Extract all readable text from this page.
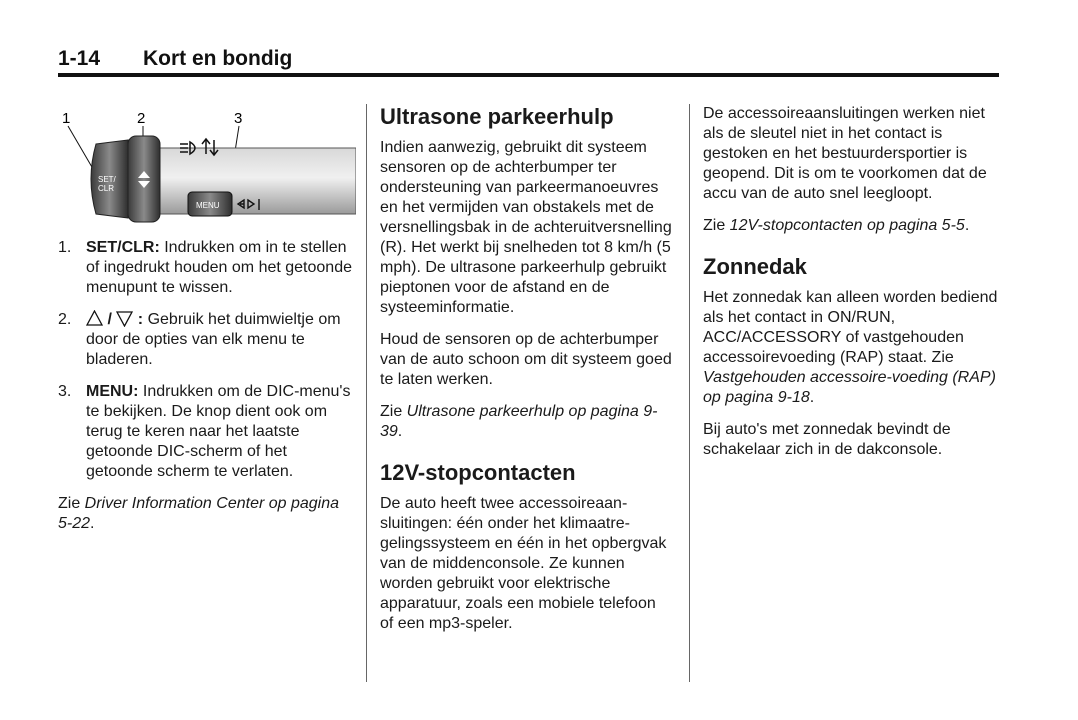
1-14 Kort en bondig
1	2	3
SET/
CLR
MENU
1. SET/CLR: Indrukken om in te stellen of ingedrukt houden om het getoonde menupunt te wissen.
2. /  : Gebruik het duimwieltje om door de opties van elk menu te bladeren.
3. MENU: Indrukken om de DIC-menu's te bekijken. De knop dient ook om terug te keren naar het laatste getoonde DIC-scherm of het getoonde scherm te verlaten.

Zie Driver Information Center op pagina 5-22.

Ultrasone parkeerhulp

Indien aanwezig, gebruikt dit systeem sensoren op de achterbumper ter ondersteuning van parkeermanoeuvres en het vermijden van obstakels met de versnellingsbak in de achteruitversnelling (R). Het werkt bij snelheden tot 8 km/h (5 mph). De ultrasone parkeerhulp gebruikt pieptonen voor de afstand en de systeeminformatie.

Houd de sensoren op de achterbumper van de auto schoon om dit systeem goed te laten werken.

Zie Ultrasone parkeerhulp op pagina 9-39.

12V-stopcontacten

De auto heeft twee accessoireaansluitingen: één onder het klimaatregelingssysteem en één in het opbergvak van de middenconsole. Ze kunnen worden gebruikt voor elektrische apparatuur, zoals een mobiele telefoon of een mp3-speler.

De accessoireaansluitingen werken niet als de sleutel niet in het contact is gestoken en het bestuurdersportier is geopend. Dit is om te voorkomen dat de accu van de auto snel leegloopt.

Zie 12V-stopcontacten op pagina 5-5.

Zonnedak

Het zonnedak kan alleen worden bediend als het contact in ON/RUN, ACC/ACCESSORY of vastgehouden accessoirevoeding (RAP) staat. Zie Vastgehouden accessoire-voeding (RAP) op pagina 9-18.

Bij auto's met zonnedak bevindt de schakelaar zich in de dakconsole.
